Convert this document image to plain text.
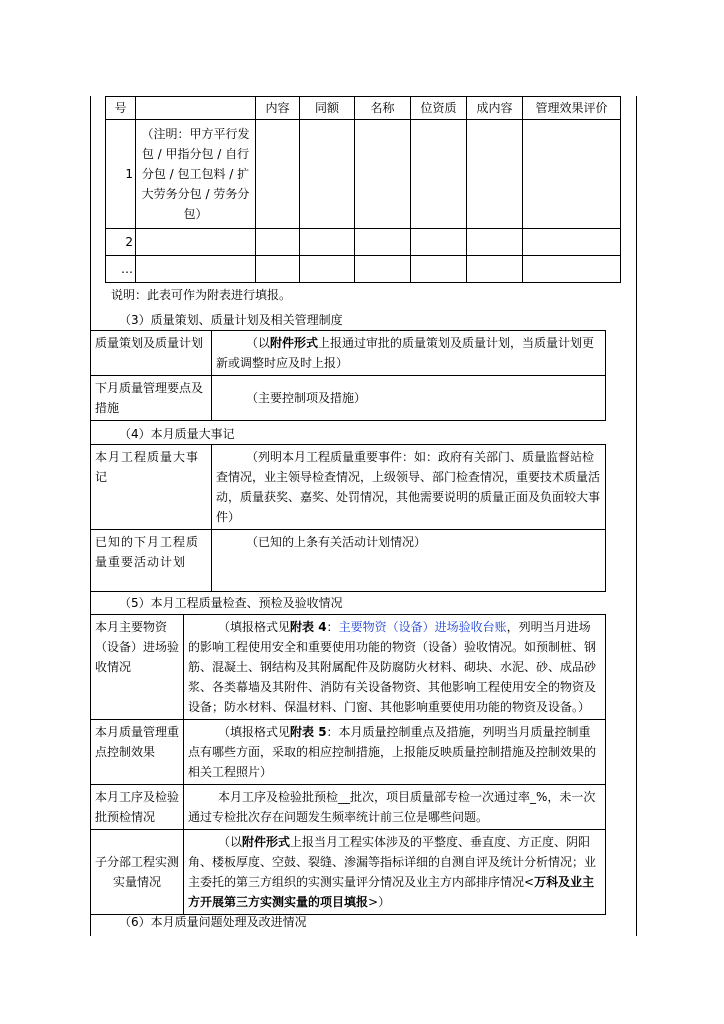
号		内容	同额	名称	位资质	成内容	管理效果评价
1	（注明：甲方平行发包 / 甲指分包 / 自行分包 / 包工包料 / 扩大劳务分包 / 劳务分包）						
2							
…							
说明：此表可作为附表进行填报。
（3）质量策划、质量计划及相关管理制度
质量策划及质量计划	（以附件形式上报通过审批的质量策划及质量计划，当质量计划更新或调整时应及时上报）
下月质量管理要点及措施	（主要控制项及措施）
（4）本月质量大事记
本月工程质量大事记	（列明本月工程质量重要事件：如：政府有关部门、质量监督站检查情况，业主领导检查情况，上级领导、部门检查情况，重要技术质量活动，质量获奖、嘉奖、处罚情况，其他需要说明的质量正面及负面较大事件）
已知的下月工程质量重要活动计划	（已知的上条有关活动计划情况）
（5）本月工程质量检查、预检及验收情况
本月主要物资（设备）进场验收情况	（填报格式见附表 4：主要物资（设备）进场验收台账，列明当月进场的影响工程使用安全和重要使用功能的物资（设备）验收情况。如预制桩、钢筋、混凝土、钢结构及其附属配件及防腐防火材料、砌块、水泥、砂、成品砂浆、各类幕墙及其附件、消防有关设备物资、其他影响工程使用安全的物资及设备；防水材料、保温材料、门窗、其他影响重要使用功能的物资及设备。）
本月质量管理重点控制效果	（填报格式见附表 5：本月质量控制重点及措施，列明当月质量控制重点有哪些方面，采取的相应控制措施，上报能反映质量控制措施及控制效果的相关工程照片）
本月工序及检验批预检情况	本月工序及检验批预检__批次，项目质量部专检一次通过率_%，未一次通过专检批次存在问题发生频率统计前三位是哪些问题。
子分部工程实测实量情况	（以附件形式上报当月工程实体涉及的平整度、垂直度、方正度、阴阳角、楼板厚度、空鼓、裂缝、渗漏等指标详细的自测自评及统计分析情况；业主委托的第三方组织的实测实量评分情况及业主方内部排序情况<万科及业主方开展第三方实测实量的项目填报>）
（6）本月质量问题处理及改进情况
